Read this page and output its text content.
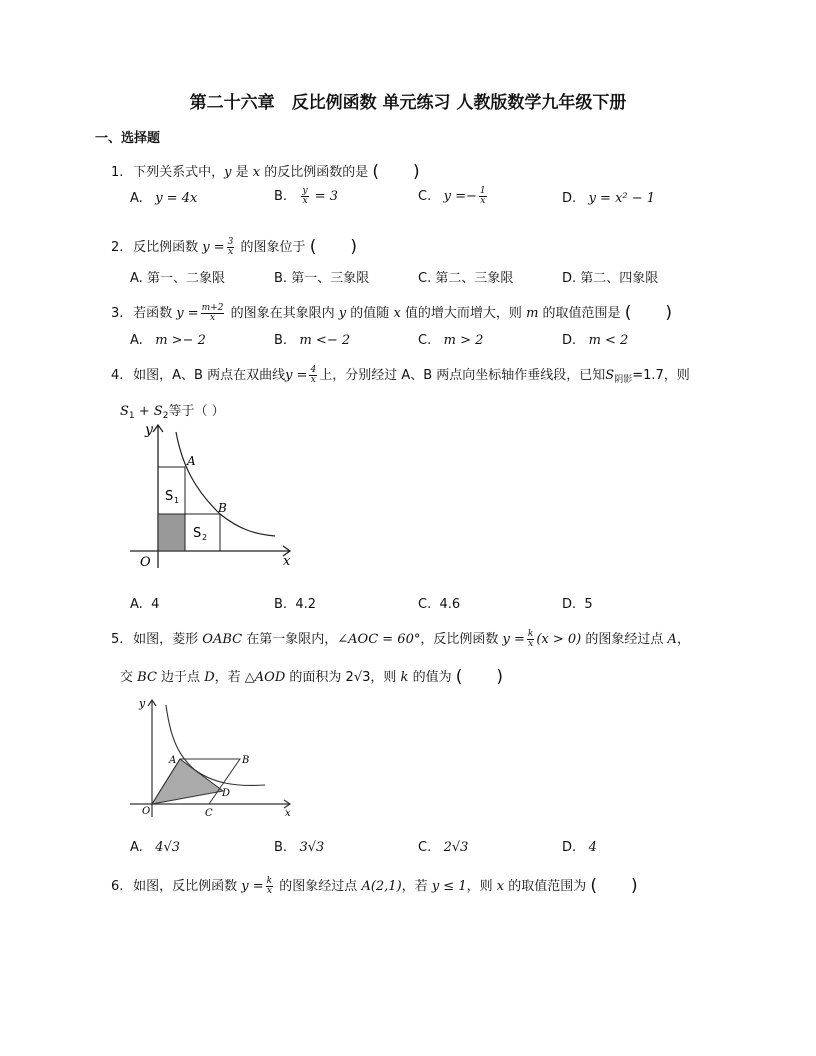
第二十六章　反比例函数 单元练习 人教版数学九年级下册
一、选择题
1. 下列关系式中，y 是 x 的反比例函数的是 (　　)
A. y = 4x	B. $\frac{y}{x} = 3$	C. $y =- \frac{1}{x}$	D. y = x² − 1
2. 反比例函数 $y = \frac{3}{x}$ 的图象位于 (　　)
A. 第一、二象限	B. 第一、三象限	C. 第二、三象限	D. 第二、四象限
3. 若函数 $y = \frac{m+2}{x}$ 的图象在其象限内 y 的值随 x 值的增大而增大，则 m 的取值范围是 (　　)
A. m >− 2	B. m <− 2	C. m > 2	D. m < 2
4. 如图，A、B 两点在双曲线$y = \frac{4}{x}$ 上，分别经过 A、B 两点向坐标轴作垂线段，已知$S_{阴影}=1.7$，则
$S_1 + S_2$等于（ ）
y
A
B
S 1
S 2
O	x
A. 4	B. 4.2	C. 4.6	D. 5
5. 如图，菱形 OABC 在第一象限内，∠AOC = 60°，反比例函数 $y = \frac{k}{x} (x > 0)$ 的图象经过点 A，
交 BC 边于点 D，若 △AOD 的面积为 2√3，则 k 的值为 (　　)
y
A	B
D
O	C	x
A. 4√3	B. 3√3	C. 2√3	D. 4
6. 如图，反比例函数 $y = \frac{k}{x}$ 的图象经过点 A(2,1)，若 y ≤ 1，则 x 的取值范围为 (　　)
